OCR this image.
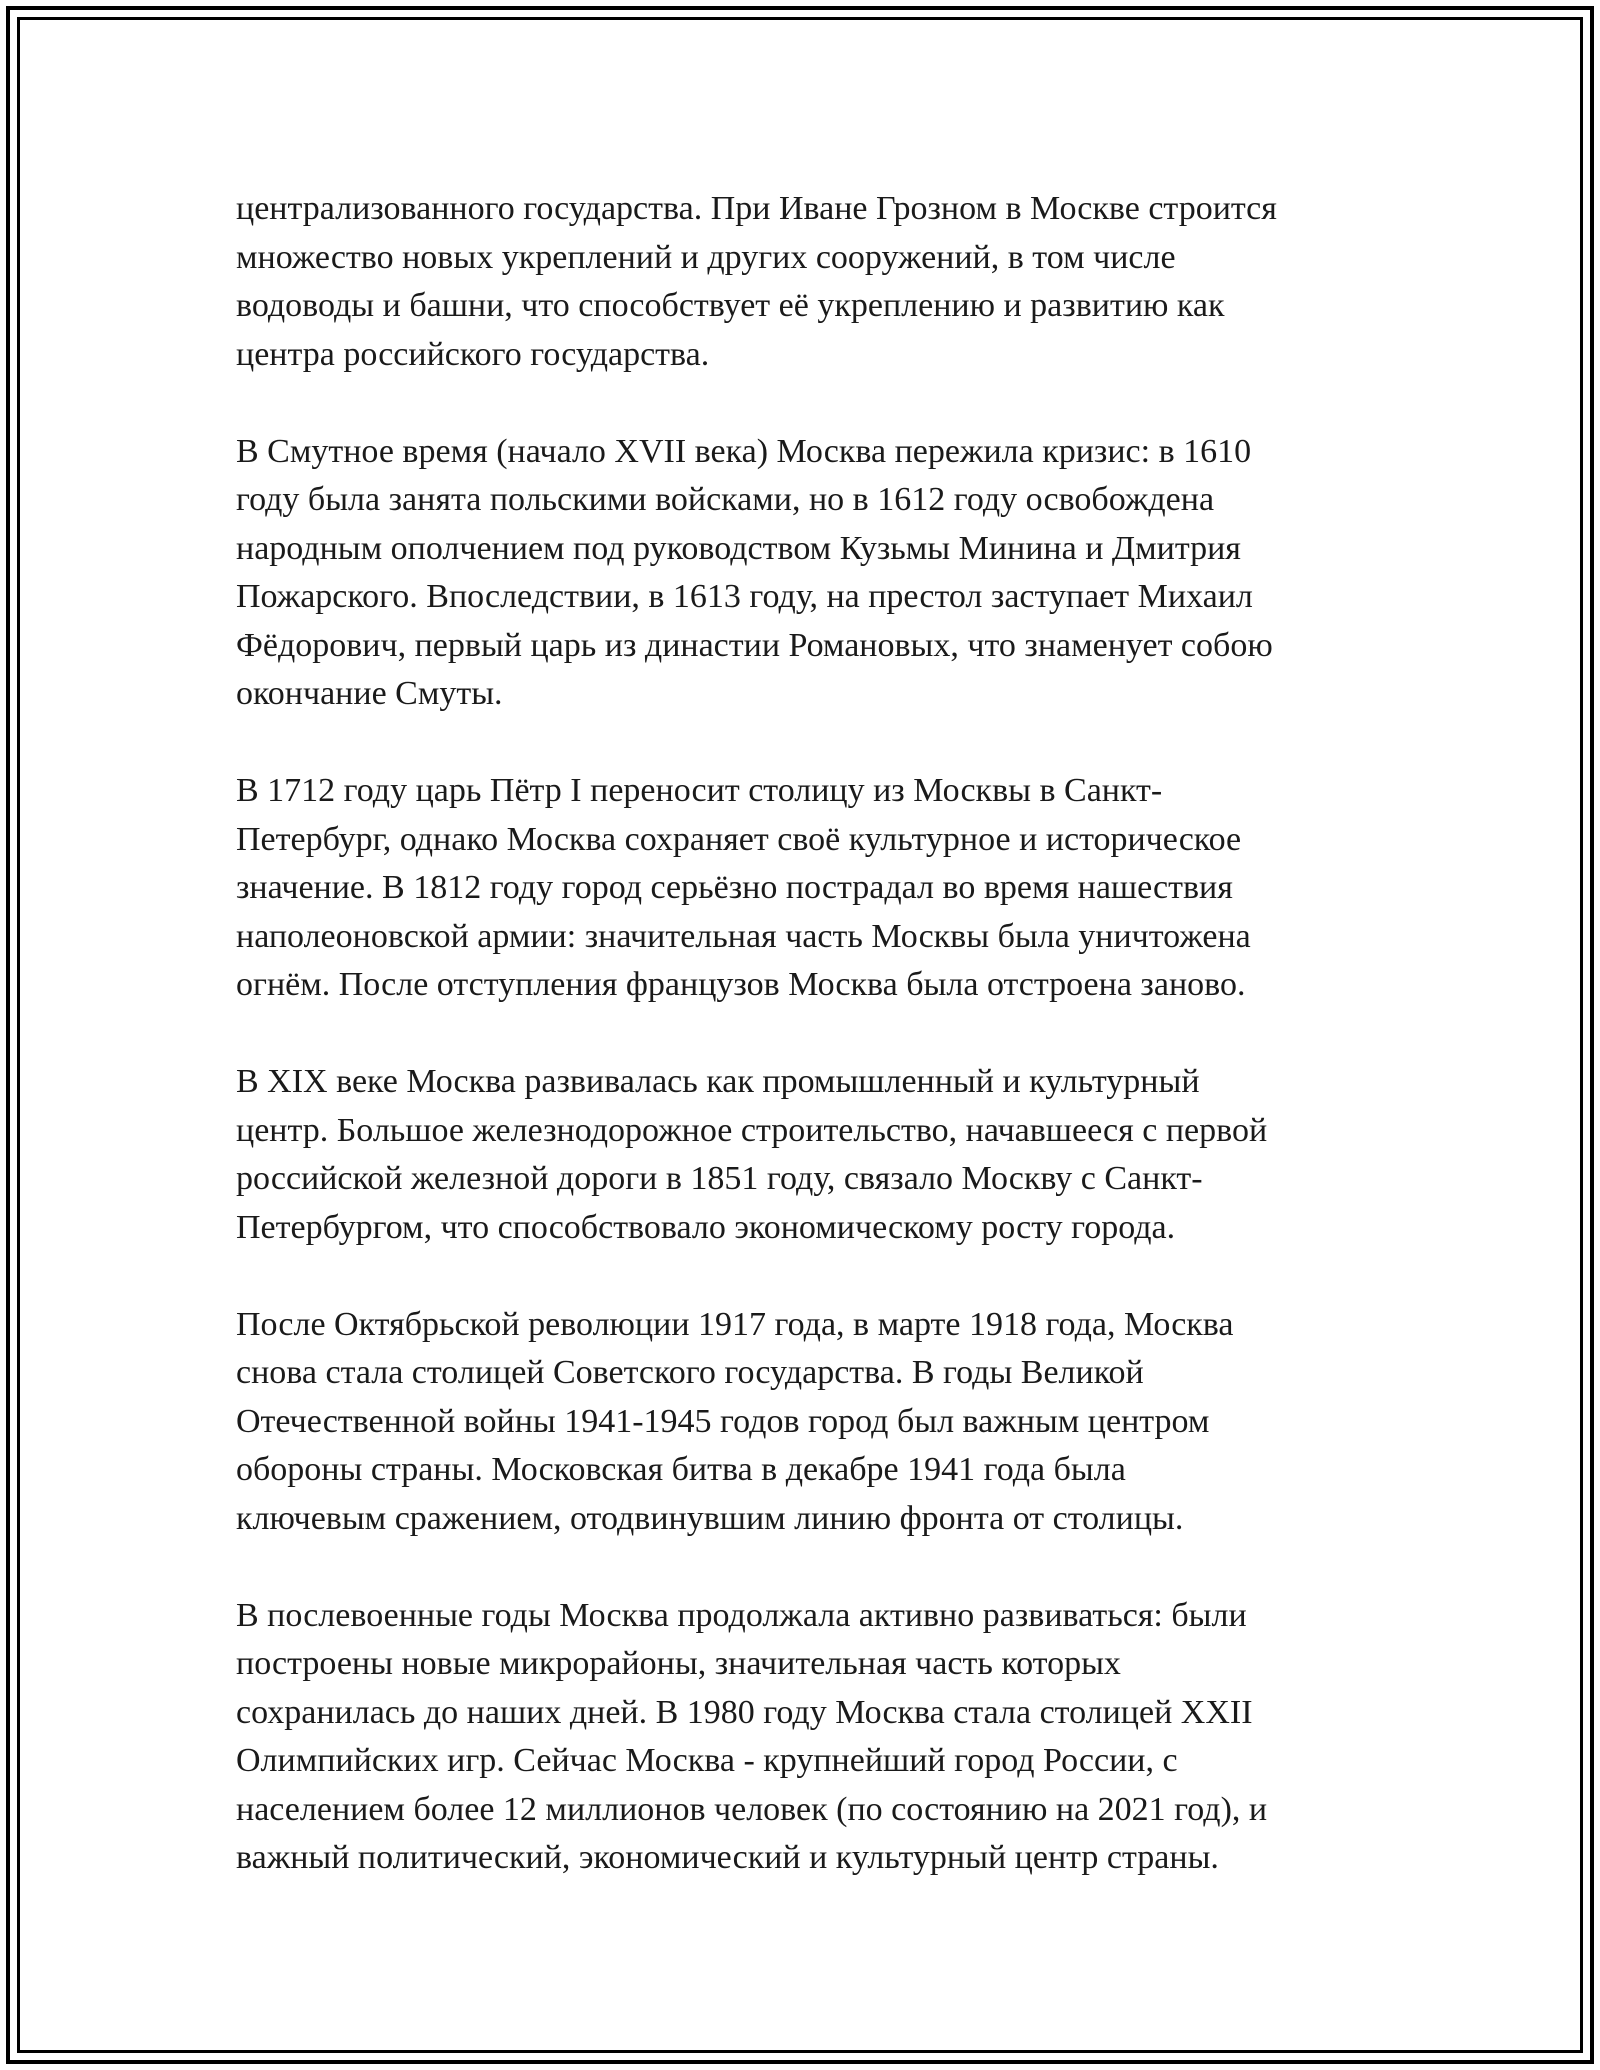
централизованного государства. При Иване Грозном в Москве строится
множество новых укреплений и других сооружений, в том числе
водоводы и башни, что способствует её укреплению и развитию как
центра российского государства.

В Смутное время (начало XVII века) Москва пережила кризис: в 1610
году была занята польскими войсками, но в 1612 году освобождена
народным ополчением под руководством Кузьмы Минина и Дмитрия
Пожарского. Впоследствии, в 1613 году, на престол заступает Михаил
Фёдорович, первый царь из династии Романовых, что знаменует собою
окончание Смуты.

В 1712 году царь Пётр I переносит столицу из Москвы в Санкт-
Петербург, однако Москва сохраняет своё культурное и историческое
значение. В 1812 году город серьёзно пострадал во время нашествия
наполеоновской армии: значительная часть Москвы была уничтожена
огнём. После отступления французов Москва была отстроена заново.

В XIX веке Москва развивалась как промышленный и культурный
центр. Большое железнодорожное строительство, начавшееся с первой
российской железной дороги в 1851 году, связало Москву с Санкт-
Петербургом, что способствовало экономическому росту города.

После Октябрьской революции 1917 года, в марте 1918 года, Москва
снова стала столицей Советского государства. В годы Великой
Отечественной войны 1941-1945 годов город был важным центром
обороны страны. Московская битва в декабре 1941 года была
ключевым сражением, отодвинувшим линию фронта от столицы.

В послевоенные годы Москва продолжала активно развиваться: были
построены новые микрорайоны, значительная часть которых
сохранилась до наших дней. В 1980 году Москва стала столицей XXII
Олимпийских игр. Сейчас Москва - крупнейший город России, с
населением более 12 миллионов человек (по состоянию на 2021 год), и
важный политический, экономический и культурный центр страны.
